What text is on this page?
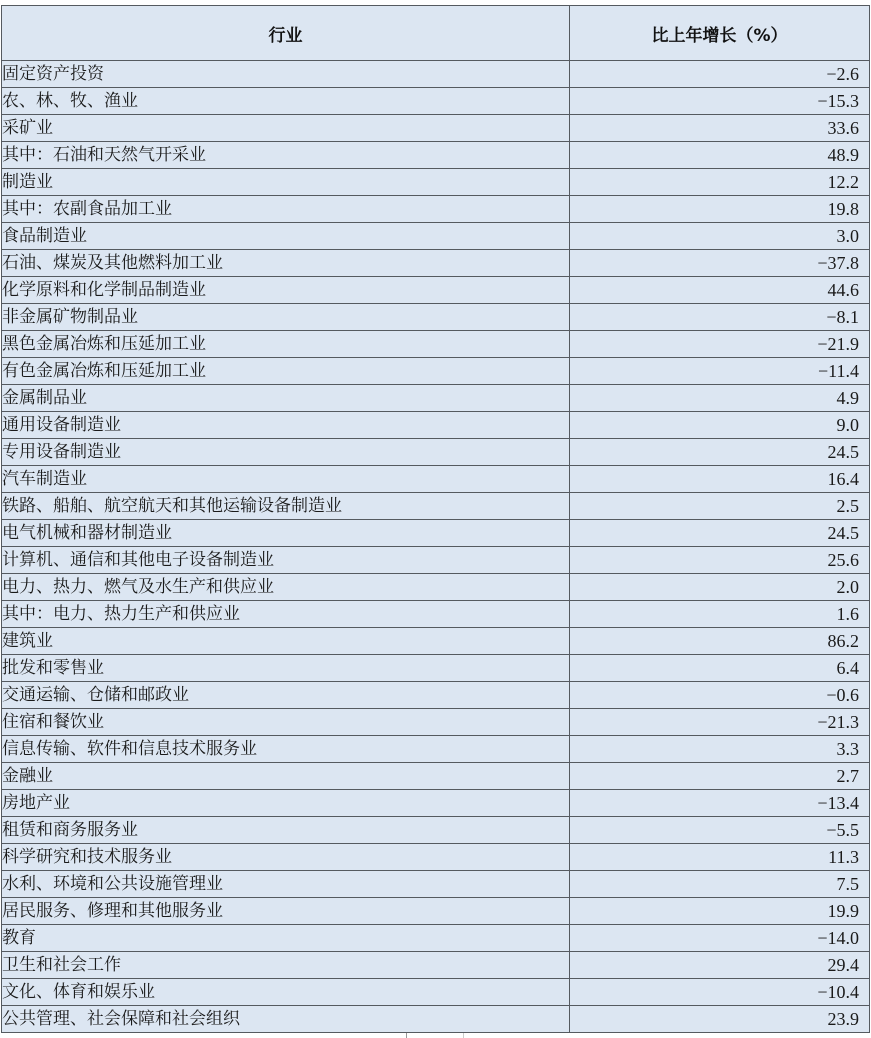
行业	比上年增长（%）
固定资产投资	−2.6
农、林、牧、渔业	−15.3
采矿业	33.6
其中：石油和天然气开采业	48.9
制造业	12.2
其中：农副食品加工业	19.8
食品制造业	3.0
石油、煤炭及其他燃料加工业	−37.8
化学原料和化学制品制造业	44.6
非金属矿物制品业	−8.1
黑色金属冶炼和压延加工业	−21.9
有色金属冶炼和压延加工业	−11.4
金属制品业	4.9
通用设备制造业	9.0
专用设备制造业	24.5
汽车制造业	16.4
铁路、船舶、航空航天和其他运输设备制造业	2.5
电气机械和器材制造业	24.5
计算机、通信和其他电子设备制造业	25.6
电力、热力、燃气及水生产和供应业	2.0
其中：电力、热力生产和供应业	1.6
建筑业	86.2
批发和零售业	6.4
交通运输、仓储和邮政业	−0.6
住宿和餐饮业	−21.3
信息传输、软件和信息技术服务业	3.3
金融业	2.7
房地产业	−13.4
租赁和商务服务业	−5.5
科学研究和技术服务业	11.3
水利、环境和公共设施管理业	7.5
居民服务、修理和其他服务业	19.9
教育	−14.0
卫生和社会工作	29.4
文化、体育和娱乐业	−10.4
公共管理、社会保障和社会组织	23.9
